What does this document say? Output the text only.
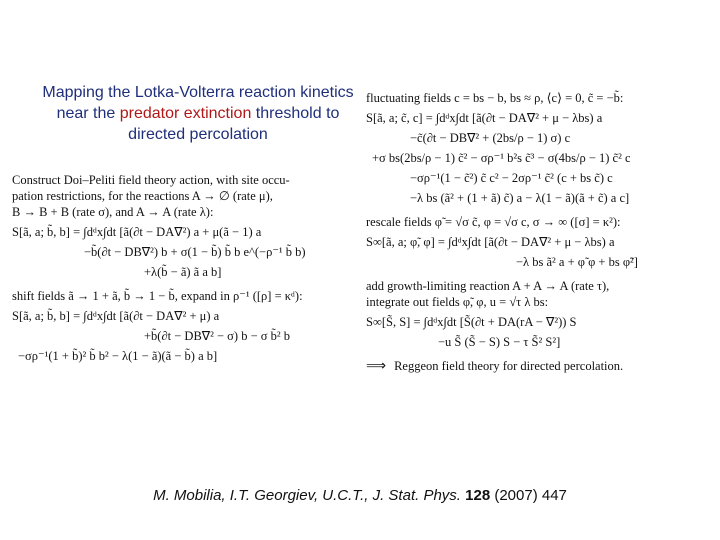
Mapping the Lotka-Volterra reaction kinetics near the predator extinction threshold to directed percolation

Construct Doi–Peliti field theory action, with site occu-

pation restrictions, for the reactions A → ∅ (rate μ),

B → B + B (rate σ), and A → A (rate λ):

S[ã, a; b̃, b] = ∫dᵈx∫dt [ã(∂t − DA∇²) a + μ(ã − 1) a
−b̃(∂t − DB∇²) b + σ(1 − b̃) b̃ b e^(−ρ⁻¹ b̃ b)
+λ(b̃ − ã) ã a b]

shift fields ã → 1 + ã, b̃ → 1 − b̃, expand in ρ⁻¹ ([ρ] = κᵈ):

S[ã, a; b̃, b] = ∫dᵈx∫dt [ã(∂t − DA∇² + μ) a
+b̃(∂t − DB∇² − σ) b − σ b̃² b
−σρ⁻¹(1 + b̃)² b̃ b² − λ(1 − ã)(ã − b̃) a b]

fluctuating fields c = bs − b, bs ≈ ρ, ⟨c⟩ = 0, c̃ = −b̃:

S[ã, a; c̃, c] = ∫dᵈx∫dt [ã(∂t − DA∇² + μ − λbs) a
−c̃(∂t − DB∇² + (2bs/ρ − 1) σ) c
+σ bs(2bs/ρ − 1) c̃² − σρ⁻¹ b²s c̃³ − σ(4bs/ρ − 1) c̃² c
−σρ⁻¹(1 − c̃²) c̃ c² − 2σρ⁻¹ c̃² (c + bs c̃) c
−λ bs (ã² + (1 + ã) c̃) a − λ(1 − ã)(ã + c̃) a c]

rescale fields φ̃ = √σ c̃, φ = √σ c, σ → ∞ ([σ] = κ²):

S∞[ã, a; φ̃, φ] = ∫dᵈx∫dt [ã(∂t − DA∇² + μ − λbs) a
−λ bs ã² a + φ̃ φ + bs φ̃²]

add growth-limiting reaction A + A → A (rate τ),

integrate out fields φ̃, φ, u = √τ λ bs:

S∞[S̃, S] = ∫dᵈx∫dt [S̃(∂t + DA(rA − ∇²)) S
−u S̃ (S̃ − S) S − τ S̃² S²]

⟹ Reggeon field theory for directed percolation.

M. Mobilia, I.T. Georgiev, U.C.T., J. Stat. Phys. 128 (2007) 447
